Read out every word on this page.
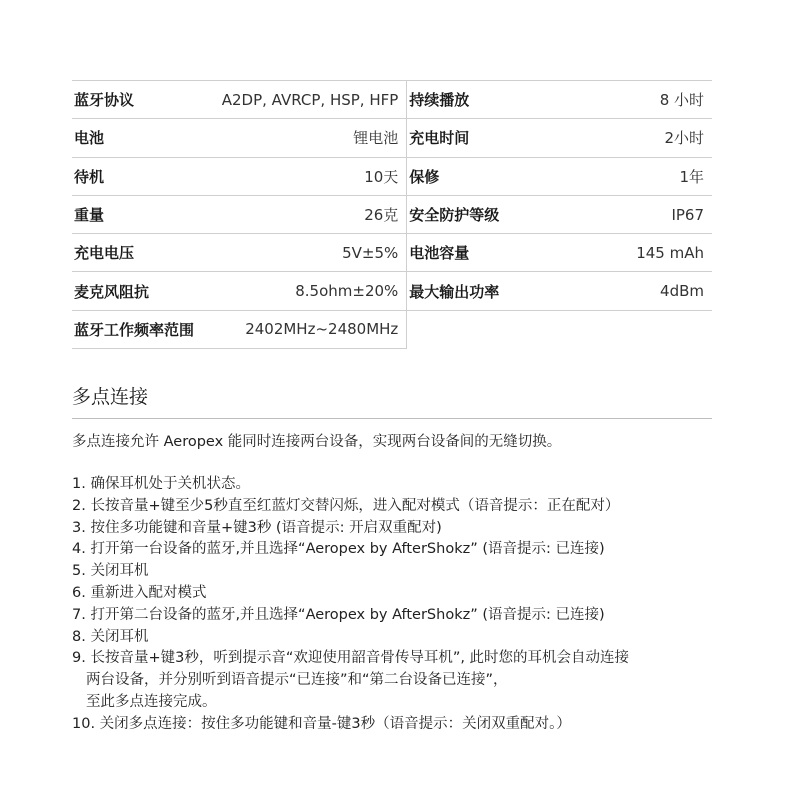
蓝牙协议	A2DP, AVRCP, HSP, HFP	持续播放	8 小时
电池	锂电池	充电时间	2小时
待机	10天	保修	1年
重量	26克	安全防护等级	IP67
充电电压	5V±5%	电池容量	145 mAh
麦克风阻抗	8.5ohm±20%	最大输出功率	4dBm
蓝牙工作频率范围	2402MHz~2480MHz		
多点连接
多点连接允许 Aeropex 能同时连接两台设备，实现两台设备间的无缝切换。
1. 确保耳机处于关机状态。
2. 长按音量+键至少5秒直至红蓝灯交替闪烁，进入配对模式（语音提示：正在配对）
3. 按住多功能键和音量+键3秒 (语音提示: 开启双重配对)
4. 打开第一台设备的蓝牙,并且选择“Aeropex by AfterShokz” (语音提示: 已连接)
5. 关闭耳机
6. 重新进入配对模式
7. 打开第二台设备的蓝牙,并且选择“Aeropex by AfterShokz” (语音提示: 已连接)
8. 关闭耳机
9. 长按音量+键3秒，听到提示音“欢迎使用韶音骨传导耳机”, 此时您的耳机会自动连接
两台设备，并分别听到语音提示“已连接”和“第二台设备已连接”，
至此多点连接完成。
10. 关闭多点连接：按住多功能键和音量-键3秒（语音提示：关闭双重配对。）
